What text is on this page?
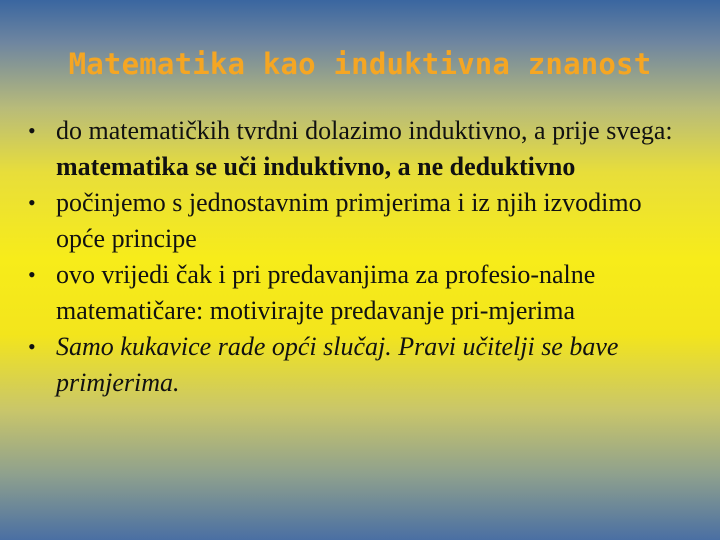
Matematika kao induktivna znanost
• do matematičkih tvrdni dolazimo induktivno, a prije svega: matematika se uči induktivno, a ne deduktivno
• počinjemo s jednostavnim primjerima i iz njih izvodimo opće principe
• ovo vrijedi čak i pri predavanjima za profesio-nalne matematičare: motivirajte predavanje pri-mjerima
• Samo kukavice rade opći slučaj. Pravi učitelji se bave primjerima.
